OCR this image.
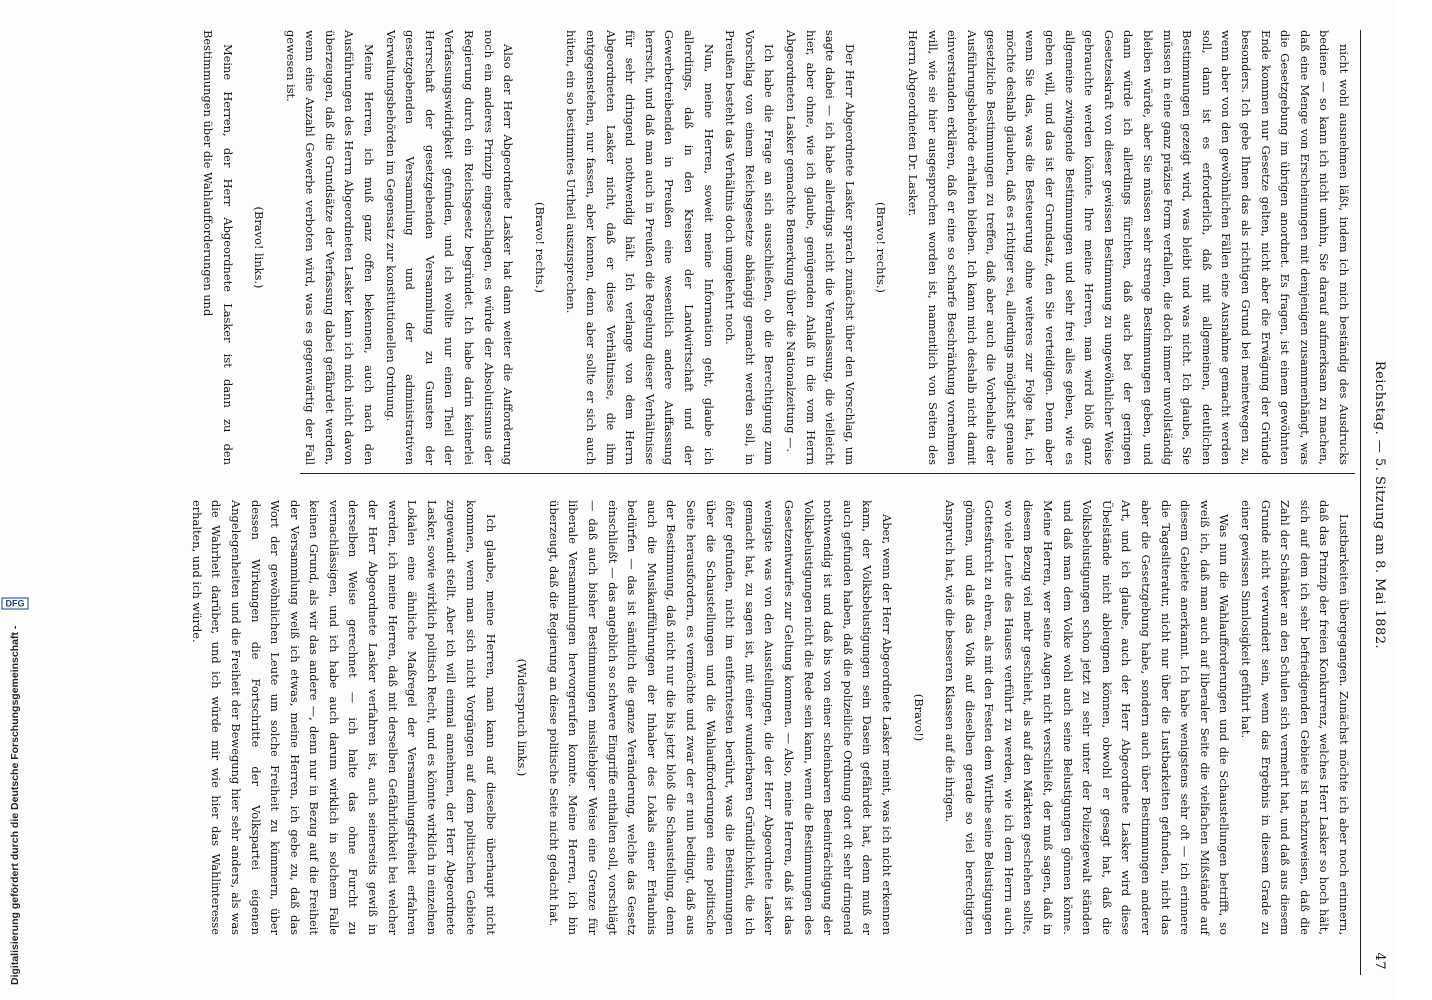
Reichstag. — 5. Sitzung am 8. Mai 1882.
47

nicht wohl ausnehmen läßt, indem ich mich beständig des Ausdrucks bediene — so kann ich nicht umhin, Sie darauf aufmerksam zu machen, daß eine Menge von Erscheinungen mit demjenigen zusammenhängt, was die Gesetzgebung im übrigen anordnet. Es fragen, ist einem gewöhnten Ende kommen nur Gesetze gelten, nicht aber die Erwägung der Gründe besonders. Ich gebe Ihnen das als richtigen Grund bei meinetwegen zu, wenn aber von den gewöhnlichen Fällen eine Ausnahme gemacht werden soll, dann ist es erforderlich, daß mit allgemeinen, deutlichen Bestimmungen gezeigt wird, was bleibt und was nicht. Ich glaube, Sie müssen in eine ganz präzise Form verfallen, die doch immer unvollständig bleiben würde, aber Sie müssen sehr strenge Bestimmungen geben, und dann würde ich allerdings fürchten, daß auch bei der geringen Gesetzeskraft von dieser gewissen Bestimmung zu ungewöhnlicher Weise gebrauchte werden könnte. Ihre meine Herren, man wird bloß ganz allgemeine zwingende Bestimmungen und sehr frei alles geben, wie es geben will, und das ist der Grundsatz, den Sie verteidigen. Denn aber wenn Sie das, was die Besteuerung ohne weiteres zur Folge hat, ich möchte deshalb glauben, daß es richtiger sei, allerdings möglichst genaue gesetzliche Bestimmungen zu treffen, daß aber auch die Vorbehalte der Ausführungsbehörde erhalten bleiben. Ich kann mich deshalb nicht damit einverstanden erklären, daß er eine so scharfe Beschränkung vornehmen will, wie sie hier ausgesprochen worden ist, namentlich von Seiten des Herrn Abgeordneten Dr. Lasker.

(Bravo! rechts.)

Der Herr Abgeordnete Lasker sprach zunächst über den Vorschlag, um sagte dabei — ich habe allerdings nicht die Veranlassung, die vielleicht hier, aber ohne, wie ich glaube, genügenden Anlaß in die vom Herrn Abgeordneten Lasker gemachte Bemerkung über die Nationalzeitung —.

Ich habe die Frage an sich ausschließen, ob die Berechtigung zum Vorschlag von einem Reichsgesetze abhängig gemacht werden soll, in Preußen besteht das Verhältnis doch umgekehrt noch.

Nun, meine Herren, soweit meine Information geht, glaube ich allerdings, daß in den Kreisen der Landwirtschaft und der Gewerbetreibenden in Preußen eine wesentlich andere Auffassung herrscht, und daß man auch in Preußen die Regelung dieser Verhältnisse für sehr dringend nothwendig hält. Ich verlange von dem Herrn Abgeordneten Lasker nicht, daß er diese Verhältnisse, die ihm entgegenstehen, nur fassen, aber kennen, denn aber sollte er sich auch hüten, ein so bestimmtes Urtheil auszusprechen.

(Bravo! rechts.)

Also der Herr Abgeordnete Lasker hat dann weiter die Aufforderung noch ein anderes Prinzip eingeschlagen, es würde der Absolutismus der Regierung durch ein Reichsgesetz begründet. Ich habe darin keinerlei Verfassungswidrigkeit gefunden, und ich wollte nur einen Theil der Herrschaft der gesetzgebenden Versammlung zu Gunsten der gesetzgebenden Versammlung und der administrativen Verwaltungsbehörden im Gegensatz zur konstitutionellen Ordnung.

Meine Herren, ich muß ganz offen bekennen, auch nach den Ausführungen des Herrn Abgeordneten Lasker kann ich mich nicht davon überzeugen, daß die Grundsätze der Verfassung dabei gefährdet werden, wenn eine Anzahl Gewerbe verboten wird, was es gegenwärtig der Fall gewesen ist.

(Bravo! links.)

Meine Herren, der Herr Abgeordnete Lasker ist dann zu den Bestimmungen über die Wahlaufforderungen und

Lustbarkeiten übergegangen. Zunächst möchte ich aber noch erinnern, daß das Prinzip der freien Konkurrenz, welches Herr Lasker so hoch hält, sich auf dem ich sehr befriedigenden Gebiete ist nachzuweisen, daß die Zahl der Schänker an den Schulen sich vermehrt hat, und daß aus diesem Grunde nicht verwundert sein, wenn das Ergebnis in diesem Grade zu einer gewissen Sinnlosigkeit geführt hat.

Was nun die Wahlaufforderungen und die Schaustellungen betrifft, so weiß ich, daß man auch auf liberaler Seite die vielfachen Mißstände auf diesem Gebiete anerkannt. Ich habe wenigstens sehr oft — ich erinnere die Tagesliteratur, nicht nur über die Lustbarkeiten gefunden, nicht das aber die Gesetzgebung habe, sondern auch über Bestimmungen anderer Art, und ich glaube, auch der Herr Abgeordnete Lasker wird diese Übelstände nicht ableugnen können, obwohl er gesagt hat, daß die Volksbelustigungen schon jetzt zu sehr unter der Polizeigewalt ständen und daß man dem Volke wohl auch seine Belustigungen gönnen könne. Meine Herren, wer seine Augen nicht verschließt, der muß sagen, daß in diesem Bezug viel mehr geschieht, als auf den Märkten geschehen sollte, wo viele Leute des Hauses verführt zu werden, wie ich dem Herrn auch Gottesfurcht zu ehren, als mit den Festen dem Wirthe seine Belustigungen gönnen, und daß das Volk auf dieselben gerade so viel berechtigten Anspruch hat, wie die besseren Klassen auf die ihrigen.

(Bravo!)

Aber, wenn der Herr Abgeordnete Lasker meint, was ich nicht erkennen kann, der Volksbelustigungen sein Dasein gefährdet hat, denn muß er auch gefunden haben, daß die polizeiliche Ordnung dort oft sehr dringend nothwendig ist und daß bis von einer scheinbaren Beeinträchtigung der Volksbelustigungen nicht die Rede sein kann, wenn die Bestimmungen des Gesetzentwurfes zur Geltung kommen. — Also, meine Herren, daß ist das wenigste was von den Ausstellungen, die der Herr Abgeordnete Lasker gemacht hat, zu sagen ist, mit einer wunderbaren Gründlichkeit, die ich öfter gefunden, nicht im entferntesten berührt, was die Bestimmungen über die Schaustellungen und die Wahlaufforderungen eine politische Seite herausfordern, es vermöchte und zwar der er nun bedingt, daß aus der Bestimmung, daß nicht nur die bis jetzt bloß die Schaustellung, denn auch die Musikaufführungen der Inhaber des Lokals einer Erlaubnis bedürfen — das ist sämtlich die ganze Veränderung, welche das Gesetz einschließt — das angeblich so schwere Eingriffe enthalten soll, vorschlägt — daß auch bisher Bestimmungen missliebiger Weise eine Grenze für liberale Versammlungen hervorgerufen konnte. Meine Herren, ich bin überzeugt, daß die Regierung an diese politische Seite nicht gedacht hat.

(Widerspruch links.)

Ich glaube, meine Herren, man kann auf dieselbe überhaupt nicht kommen, wenn man sich nicht Vorgängen auf dem politischen Gebiete zugewandt stellt. Aber ich will einmal annehmen, der Herr Abgeordnete Lasker, sowie wirklich politisch Recht, und es könnte wirklich in einzelnen Lokalen eine ähnliche Maßregel der Versammlungsfreiheit erfahren werden, ich meine Herren, daß mit derselben Gefährlichkeit bei welcher der Herr Abgeordnete Lasker verfahren ist, auch seinerseits gewiß in derselben Weise gerechnet — ich halte das ohne Furcht zu vernachlässigen, und ich habe auch darum wirklich in solchem Falle keinen Grund, als wir das andere —, denn nur in Bezug auf die Freiheit der Versammlung weiß ich etwas, meine Herren, ich gebe zu, daß das Wort der gewöhnlichen Leute um solche Freiheit zu kümmern, über dessen Wirkungen die Fortschritte der Volkspartei eigenen Angelegenheiten und die Freiheit der Bewegung hier sehr anders, als was die Wahrheit darüber, und ich würde mir wie hier das Wahlinteresse erhalten, und ich würde.

Digitalisierung gefördert durch die Deutsche Forschungsgemeinschaft - DFG
